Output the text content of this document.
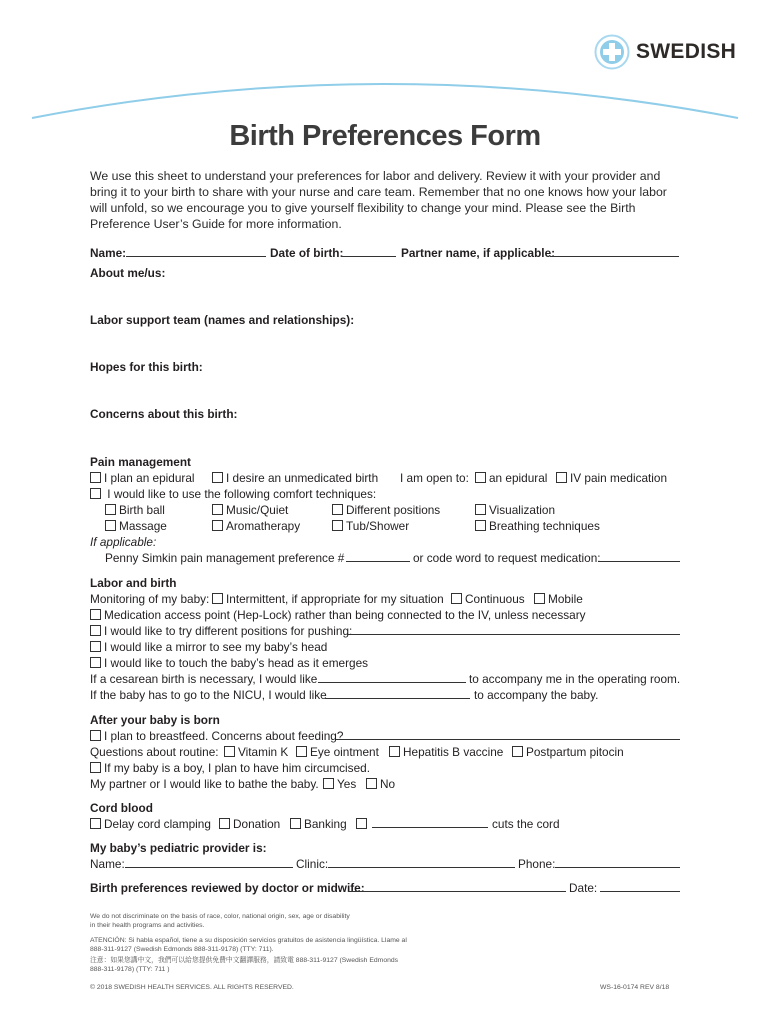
SWEDISH
Birth Preferences Form
We use this sheet to understand your preferences for labor and delivery. Review it with your provider and bring it to your birth to share with your nurse and care team. Remember that no one knows how your labor will unfold, so we encourage you to give yourself flexibility to change your mind. Please see the Birth Preference User’s Guide for more information.
Name:	Date of birth:	Partner name, if applicable:
About me/us:
Labor support team (names and relationships):
Hopes for this birth:
Concerns about this birth:
Pain management
I plan an epidural	I desire an unmedicated birth I am open to:	an epidural	IV pain medication
I would like to use the following comfort techniques:
Birth ball	Music/Quiet	Different positions	Visualization
Massage	Aromatherapy	Tub/Shower	Breathing techniques
If applicable:
Penny Simkin pain management preference #	or code word to request medication:
Labor and birth
Monitoring of my baby:	Intermittent, if appropriate for my situation	Continuous	Mobile
Medication access point (Hep-Lock) rather than being connected to the IV, unless necessary
I would like to try different positions for pushing:
I would like a mirror to see my baby’s head
I would like to touch the baby’s head as it emerges
If a cesarean birth is necessary, I would like	to accompany me in the operating room.
If the baby has to go to the NICU, I would like	to accompany the baby.
After your baby is born
I plan to breastfeed. Concerns about feeding?
Questions about routine:	Vitamin K	Eye ointment	Hepatitis B vaccine	Postpartum pitocin
If my baby is a boy, I plan to have him circumcised.
My partner or I would like to bathe the baby.	Yes	No
Cord blood
Delay cord clamping	Donation	Banking	cuts the cord
My baby’s pediatric provider is:
Name:	Clinic:	Phone:
Birth preferences reviewed by doctor or midwife:	Date:
We do not discriminate on the basis of race, color, national origin, sex, age or disability
in their health programs and activities.
ATENCIÓN: Si habla español, tiene a su disposición servicios gratuitos de asistencia lingüística. Llame al
888-311-9127 (Swedish Edmonds 888-311-9178) (TTY: 711).
注意：如果您講中文，我們可以給您提供免費中文翻譯服務，請致電 888-311-9127 (Swedish Edmonds
888-311-9178) (TTY: 711 )
© 2018 SWEDISH HEALTH SERVICES. ALL RIGHTS RESERVED.	WS-16-0174 REV 8/18
